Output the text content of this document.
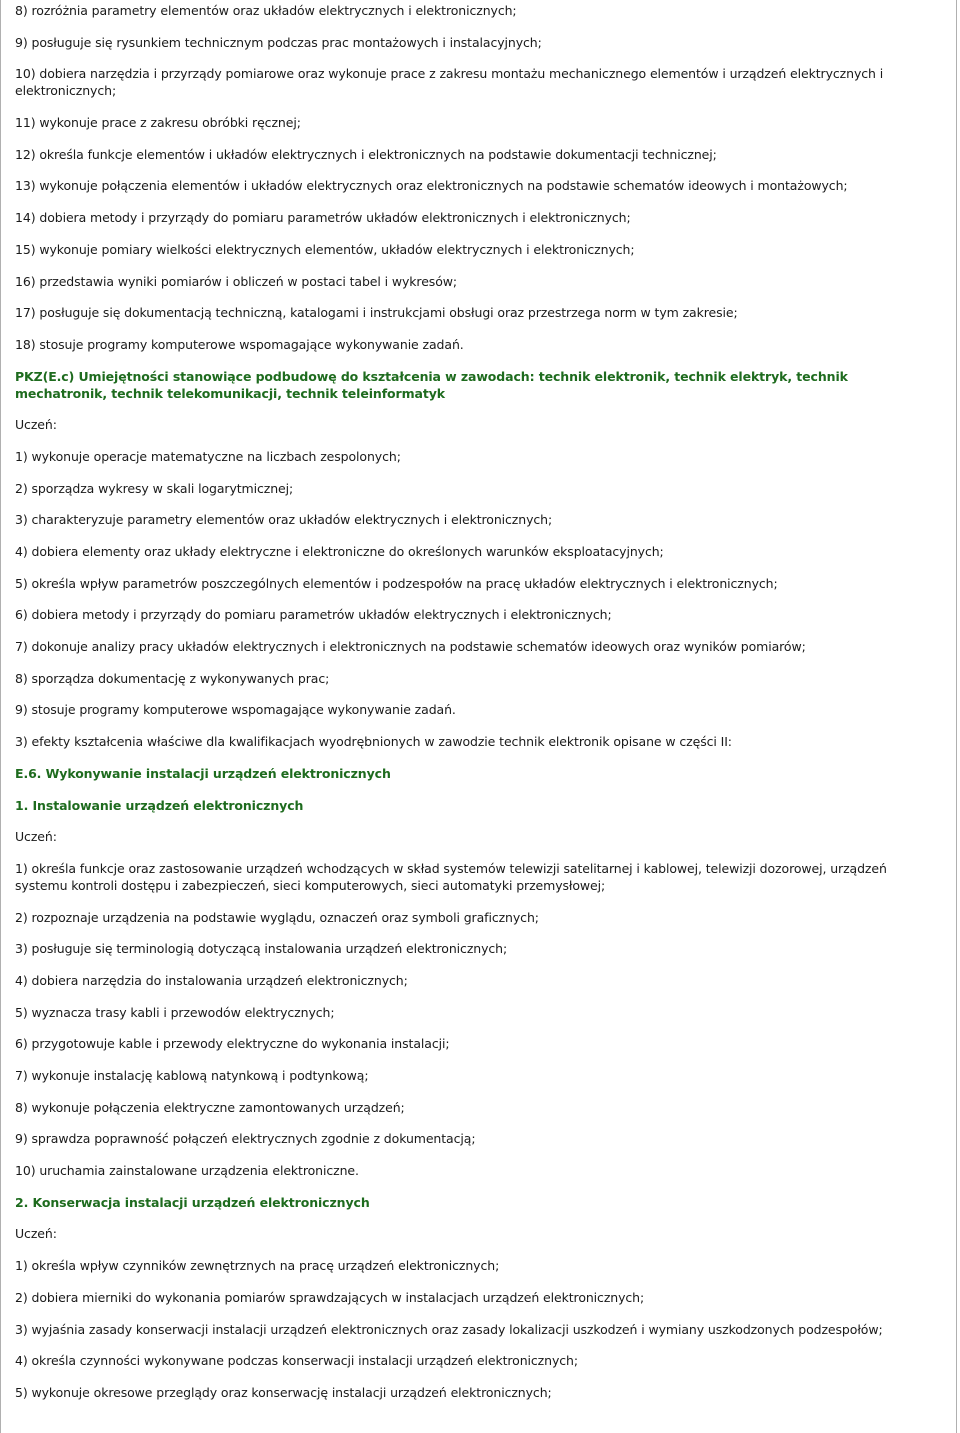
8) rozróżnia parametry elementów oraz układów elektrycznych i elektronicznych;

9) posługuje się rysunkiem technicznym podczas prac montażowych i instalacyjnych;

10) dobiera narzędzia i przyrządy pomiarowe oraz wykonuje prace z zakresu montażu mechanicznego elementów i urządzeń elektrycznych i elektronicznych;

11) wykonuje prace z zakresu obróbki ręcznej;

12) określa funkcje elementów i układów elektrycznych i elektronicznych na podstawie dokumentacji technicznej;

13) wykonuje połączenia elementów i układów elektrycznych oraz elektronicznych na podstawie schematów ideowych i montażowych;

14) dobiera metody i przyrządy do pomiaru parametrów układów elektronicznych i elektronicznych;

15) wykonuje pomiary wielkości elektrycznych elementów, układów elektrycznych i elektronicznych;

16) przedstawia wyniki pomiarów i obliczeń w postaci tabel i wykresów;

17) posługuje się dokumentacją techniczną, katalogami i instrukcjami obsługi oraz przestrzega norm w tym zakresie;

18) stosuje programy komputerowe wspomagające wykonywanie zadań.

PKZ(E.c) Umiejętności stanowiące podbudowę do kształcenia w zawodach: technik elektronik, technik elektryk, technik mechatronik, technik telekomunikacji, technik teleinformatyk

Uczeń:

1) wykonuje operacje matematyczne na liczbach zespolonych;

2) sporządza wykresy w skali logarytmicznej;

3) charakteryzuje parametry elementów oraz układów elektrycznych i elektronicznych;

4) dobiera elementy oraz układy elektryczne i elektroniczne do określonych warunków eksploatacyjnych;

5) określa wpływ parametrów poszczególnych elementów i podzespołów na pracę układów elektrycznych i elektronicznych;

6) dobiera metody i przyrządy do pomiaru parametrów układów elektrycznych i elektronicznych;

7) dokonuje analizy pracy układów elektrycznych i elektronicznych na podstawie schematów ideowych oraz wyników pomiarów;

8) sporządza dokumentację z wykonywanych prac;

9) stosuje programy komputerowe wspomagające wykonywanie zadań.

3) efekty kształcenia właściwe dla kwalifikacjach wyodrębnionych w zawodzie technik elektronik opisane w części II:

E.6. Wykonywanie instalacji urządzeń elektronicznych

1. Instalowanie urządzeń elektronicznych

Uczeń:

1) określa funkcje oraz zastosowanie urządzeń wchodzących w skład systemów telewizji satelitarnej i kablowej, telewizji dozorowej, urządzeń systemu kontroli dostępu i zabezpieczeń, sieci komputerowych, sieci automatyki przemysłowej;

2) rozpoznaje urządzenia na podstawie wyglądu, oznaczeń oraz symboli graficznych;

3) posługuje się terminologią dotyczącą instalowania urządzeń elektronicznych;

4) dobiera narzędzia do instalowania urządzeń elektronicznych;

5) wyznacza trasy kabli i przewodów elektrycznych;

6) przygotowuje kable i przewody elektryczne do wykonania instalacji;

7) wykonuje instalację kablową natynkową i podtynkową;

8) wykonuje połączenia elektryczne zamontowanych urządzeń;

9) sprawdza poprawność połączeń elektrycznych zgodnie z dokumentacją;

10) uruchamia zainstalowane urządzenia elektroniczne.

2. Konserwacja instalacji urządzeń elektronicznych

Uczeń:

1) określa wpływ czynników zewnętrznych na pracę urządzeń elektronicznych;

2) dobiera mierniki do wykonania pomiarów sprawdzających w instalacjach urządzeń elektronicznych;

3) wyjaśnia zasady konserwacji instalacji urządzeń elektronicznych oraz zasady lokalizacji uszkodzeń i wymiany uszkodzonych podzespołów;

4) określa czynności wykonywane podczas konserwacji instalacji urządzeń elektronicznych;

5) wykonuje okresowe przeglądy oraz konserwację instalacji urządzeń elektronicznych;
